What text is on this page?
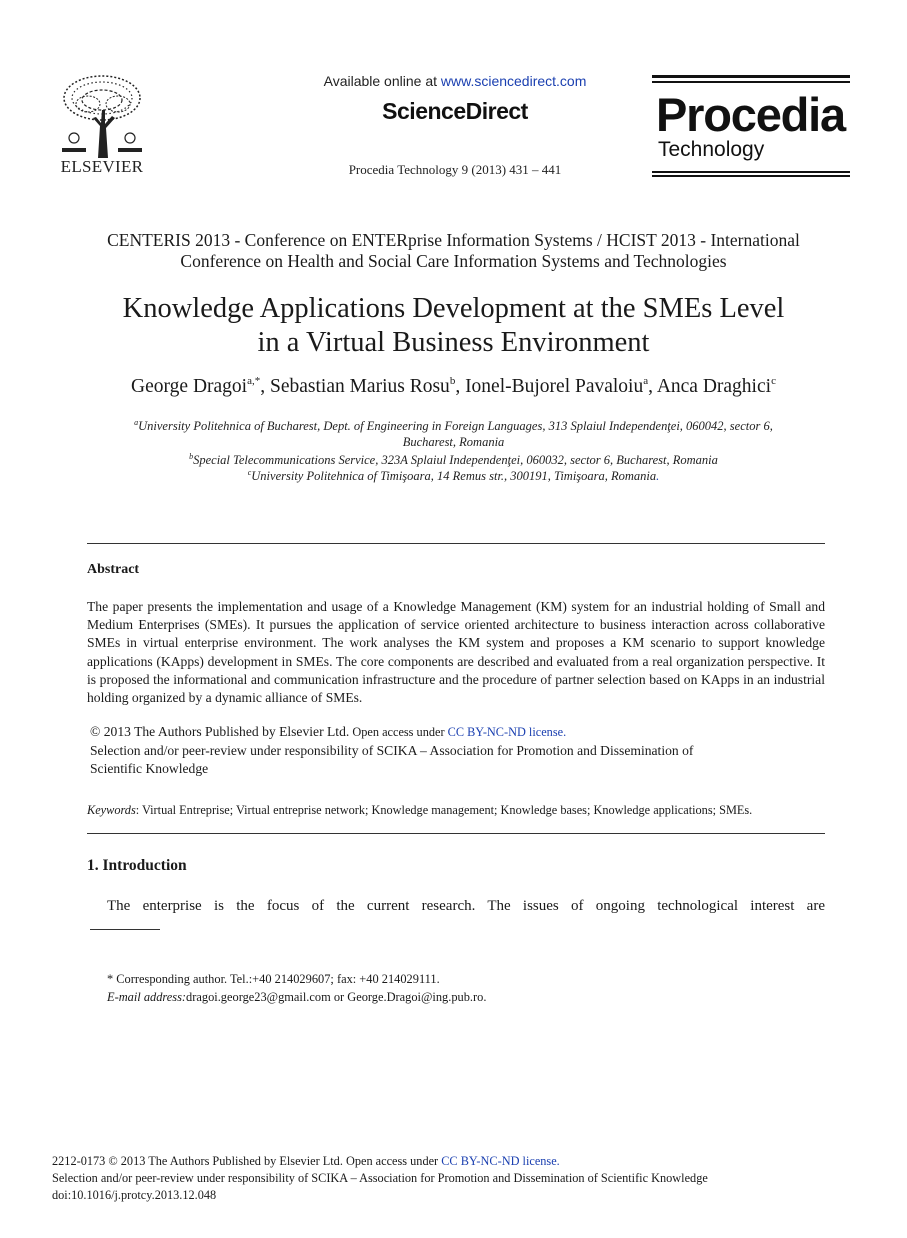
ELSEVIER
Available online at www.sciencedirect.com
ScienceDirect
Procedia Technology 9 (2013) 431 – 441
Procedia
Technology
CENTERIS 2013 - Conference on ENTERprise Information Systems / HCIST 2013 - International
Conference on Health and Social Care Information Systems and Technologies
Knowledge Applications Development at the SMEs Level
in a Virtual Business Environment
George Dragoi$^{a,*}$, Sebastian Marius Rosu$^b$, Ionel-Bujorel Pavaloiu$^a$, Anca Draghici$^c$
$^a$University Politehnica of Bucharest, Dept. of Engineering in Foreign Languages, 313 Splaiul Independenţei, 060042, sector 6,
Bucharest, Romania
$^b$Special Telecommunications Service, 323A Splaiul Independenţei, 060032, sector 6, Bucharest, Romania
$^c$University Politehnica of Timişoara, 14 Remus str., 300191, Timişoara, Romania.
Abstract
The paper presents the implementation and usage of a Knowledge Management (KM) system for an industrial holding of Small and Medium Enterprises (SMEs). It pursues the application of service oriented architecture to business interaction across collaborative SMEs in virtual enterprise environment. The work analyses the KM system and proposes a KM scenario to support knowledge applications (KApps) development in SMEs. The core components are described and evaluated from a real organization perspective. It is proposed the informational and communication infrastructure and the procedure of partner selection based on KApps in an industrial holding organized by a dynamic alliance of SMEs.
© 2013 The Authors Published by Elsevier Ltd. Open access under CC BY-NC-ND license.
Selection and/or peer-review under responsibility of SCIKA – Association for Promotion and Dissemination of
Scientific Knowledge
Keywords: Virtual Entreprise; Virtual entreprise network; Knowledge management; Knowledge bases; Knowledge applications; SMEs.
1. Introduction
The enterprise is the focus of the current research. The issues of ongoing technological interest are
* Corresponding author. Tel.:+40 214029607; fax: +40 214029111.
E-mail address:dragoi.george23@gmail.com or George.Dragoi@ing.pub.ro.
2212-0173 © 2013 The Authors Published by Elsevier Ltd. Open access under CC BY-NC-ND license.
Selection and/or peer-review under responsibility of SCIKA – Association for Promotion and Dissemination of Scientific Knowledge
doi:10.1016/j.protcy.2013.12.048
